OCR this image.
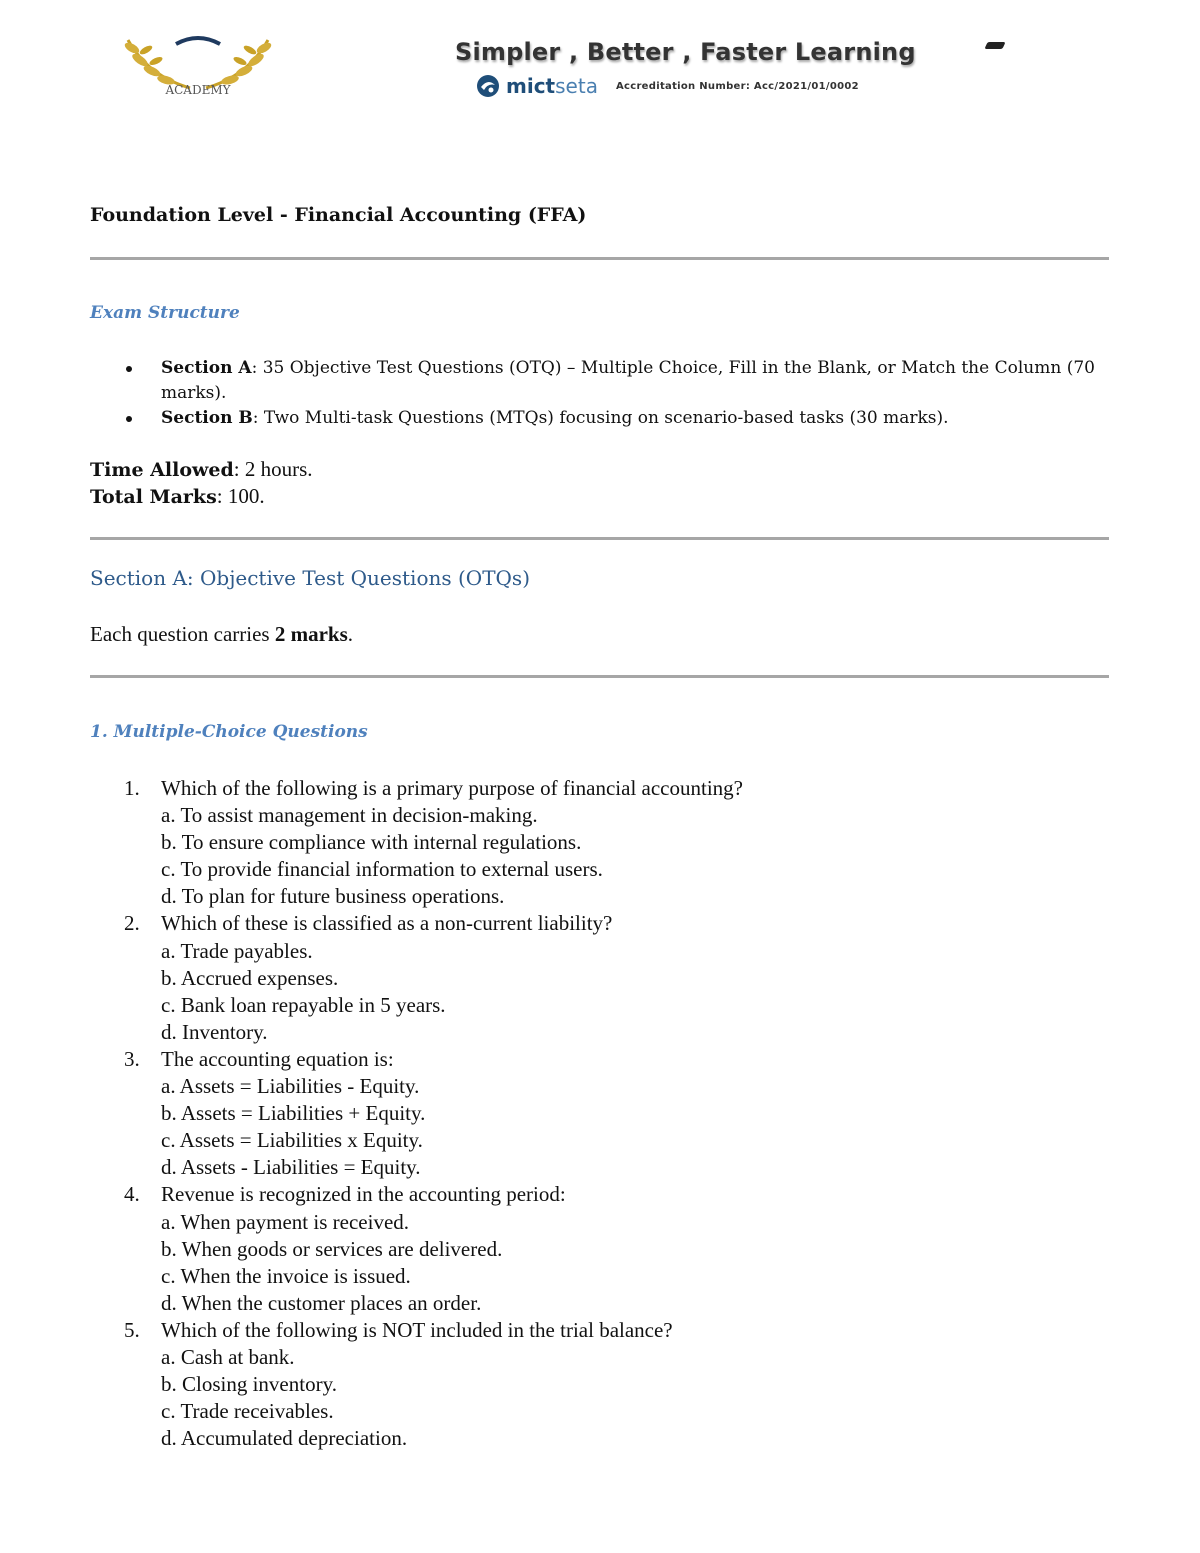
ACADEMY
Simpler , Better , Faster Learning
mictseta Accreditation Number: Acc/2021/01/0002
Foundation Level - Financial Accounting (FFA)
Exam Structure
Section A: 35 Objective Test Questions (OTQ) – Multiple Choice, Fill in the Blank, or Match the Column (70 marks).
Section B: Two Multi-task Questions (MTQs) focusing on scenario-based tasks (30 marks).
Time Allowed: 2 hours.
Total Marks: 100.
Section A: Objective Test Questions (OTQs)
Each question carries 2 marks.
1. Multiple-Choice Questions
1. Which of the following is a primary purpose of financial accounting?
a. To assist management in decision-making.
b. To ensure compliance with internal regulations.
c. To provide financial information to external users.
d. To plan for future business operations.
2. Which of these is classified as a non-current liability?
a. Trade payables.
b. Accrued expenses.
c. Bank loan repayable in 5 years.
d. Inventory.
3. The accounting equation is:
a. Assets = Liabilities - Equity.
b. Assets = Liabilities + Equity.
c. Assets = Liabilities x Equity.
d. Assets - Liabilities = Equity.
4. Revenue is recognized in the accounting period:
a. When payment is received.
b. When goods or services are delivered.
c. When the invoice is issued.
d. When the customer places an order.
5. Which of the following is NOT included in the trial balance?
a. Cash at bank.
b. Closing inventory.
c. Trade receivables.
d. Accumulated depreciation.
